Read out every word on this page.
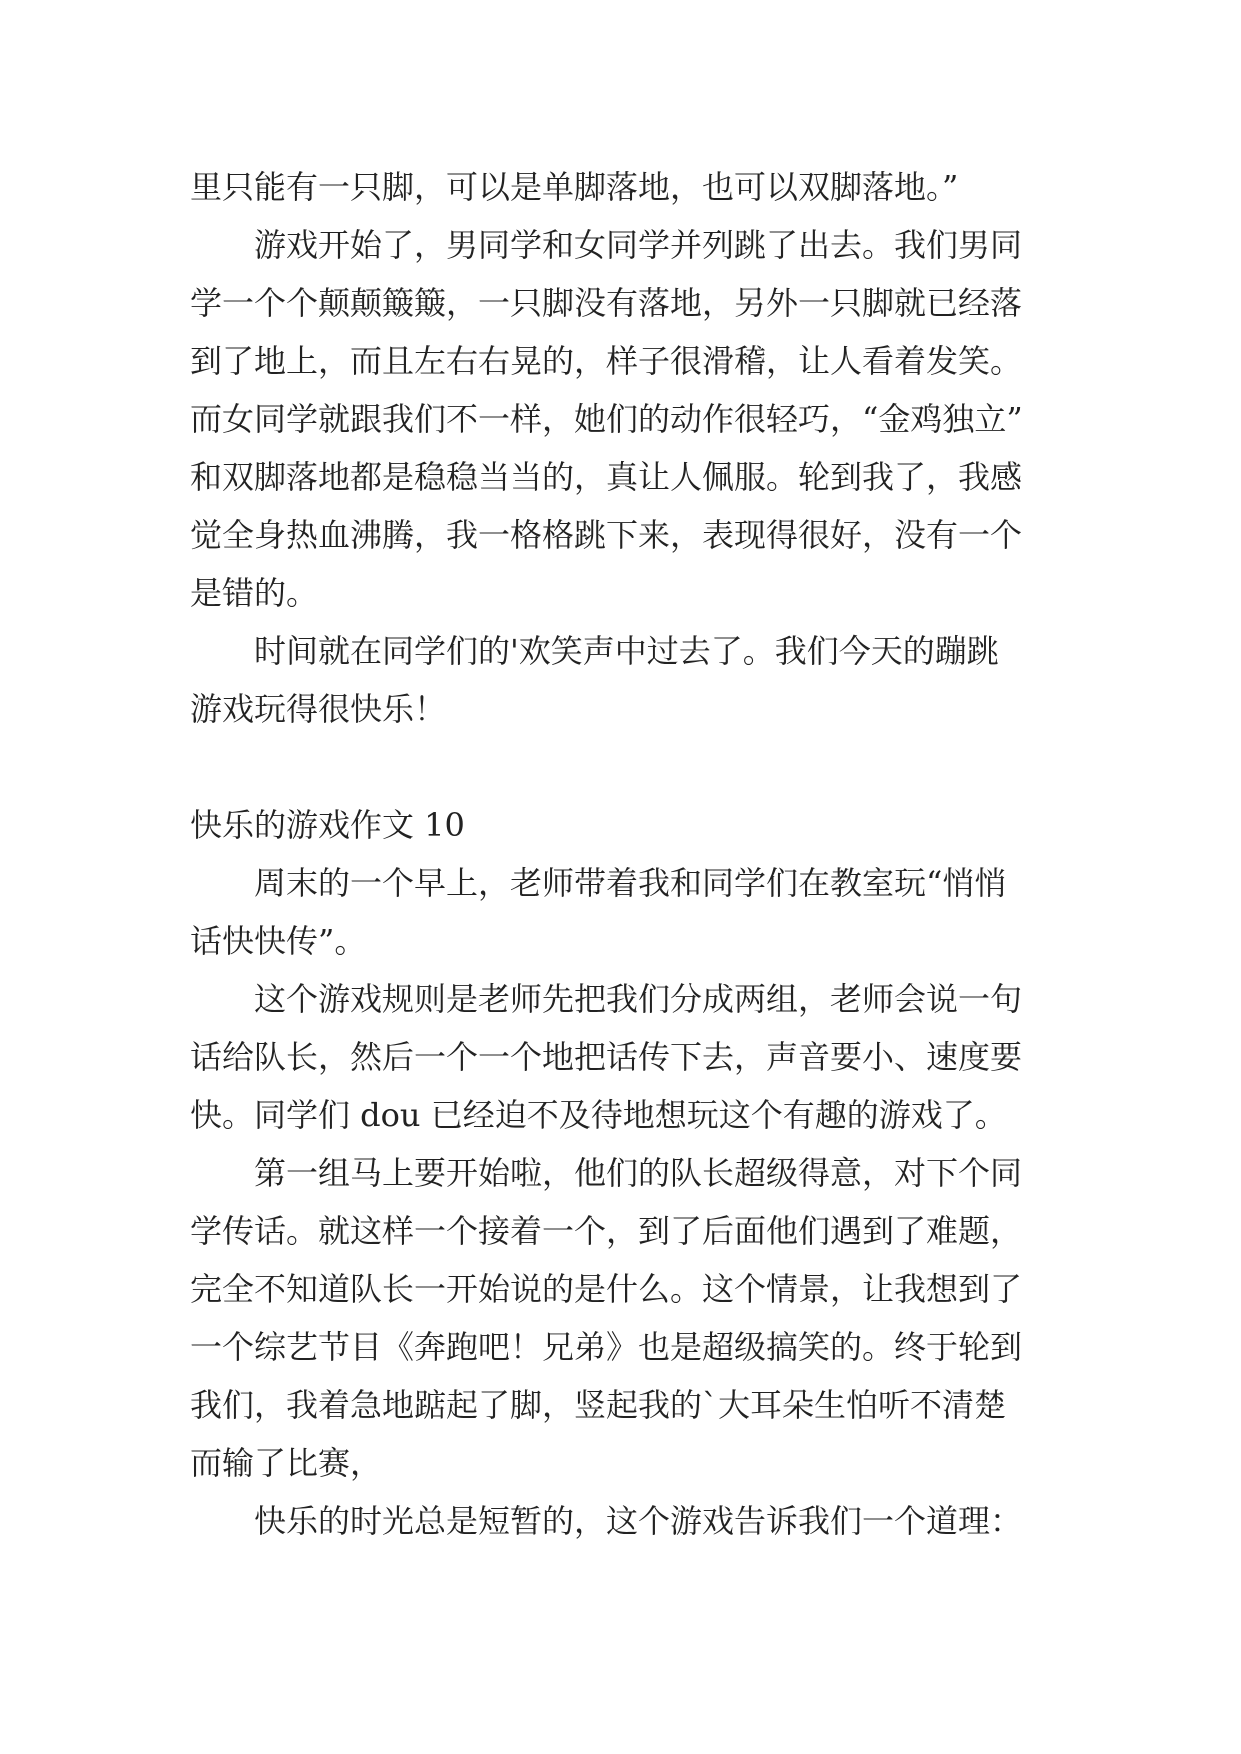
里只能有一只脚，可以是单脚落地，也可以双脚落地。”
游戏开始了，男同学和女同学并列跳了出去。我们男同
学一个个颠颠簸簸，一只脚没有落地，另外一只脚就已经落
到了地上，而且左右右晃的，样子很滑稽，让人看着发笑。
而女同学就跟我们不一样，她们的动作很轻巧，“金鸡独立”
和双脚落地都是稳稳当当的，真让人佩服。轮到我了，我感
觉全身热血沸腾，我一格格跳下来，表现得很好，没有一个
是错的。
时间就在同学们的'欢笑声中过去了。我们今天的蹦跳
游戏玩得很快乐！
快乐的游戏作文 10
周末的一个早上，老师带着我和同学们在教室玩“悄悄
话快快传”。
这个游戏规则是老师先把我们分成两组，老师会说一句
话给队长，然后一个一个地把话传下去，声音要小、速度要
快。同学们 dou 已经迫不及待地想玩这个有趣的游戏了。
第一组马上要开始啦，他们的队长超级得意，对下个同
学传话。就这样一个接着一个，到了后面他们遇到了难题，
完全不知道队长一开始说的是什么。这个情景，让我想到了
一个综艺节目《奔跑吧！兄弟》也是超级搞笑的。终于轮到
我们，我着急地踮起了脚，竖起我的`大耳朵生怕听不清楚
而输了比赛，
快乐的时光总是短暂的，这个游戏告诉我们一个道理：
